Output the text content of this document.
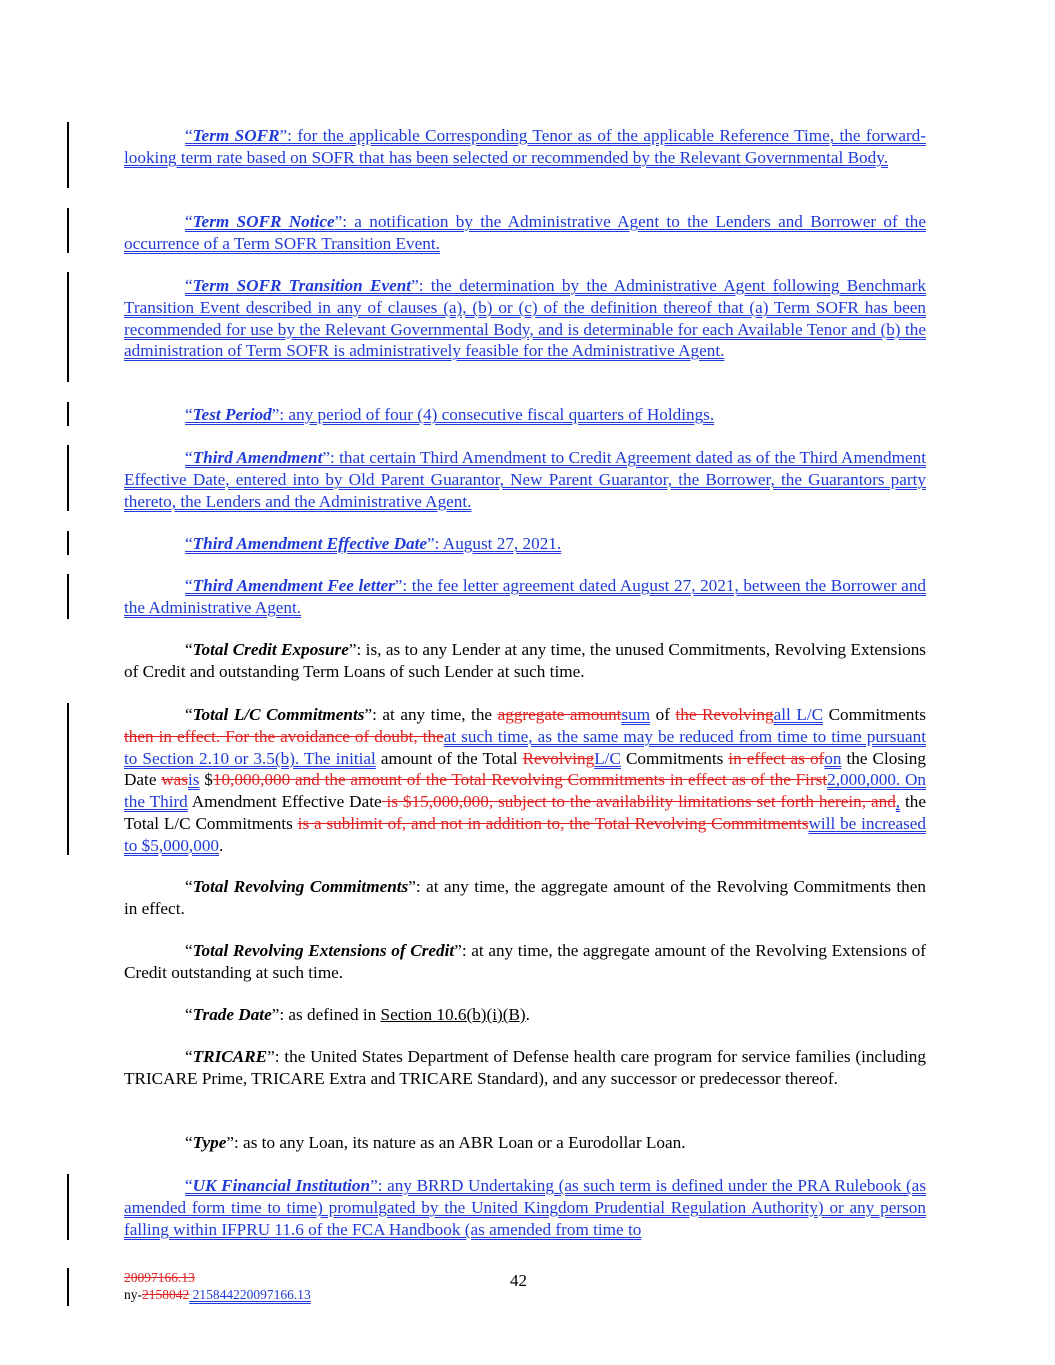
“Term SOFR”: for the applicable Corresponding Tenor as of the applicable Reference Time, the forward-looking term rate based on SOFR that has been selected or recommended by the Relevant Governmental Body.

“Term SOFR Notice”: a notification by the Administrative Agent to the Lenders and Borrower of the occurrence of a Term SOFR Transition Event.

“Term SOFR Transition Event”: the determination by the Administrative Agent following Benchmark Transition Event described in any of clauses (a), (b) or (c) of the definition thereof that (a) Term SOFR has been recommended for use by the Relevant Governmental Body, and is determinable for each Available Tenor and (b) the administration of Term SOFR is administratively feasible for the Administrative Agent.

“Test Period”: any period of four (4) consecutive fiscal quarters of Holdings.

“Third Amendment”: that certain Third Amendment to Credit Agreement dated as of the Third Amendment Effective Date, entered into by Old Parent Guarantor, New Parent Guarantor, the Borrower, the Guarantors party thereto, the Lenders and the Administrative Agent.

“Third Amendment Effective Date”: August 27, 2021.

“Third Amendment Fee letter”: the fee letter agreement dated August 27, 2021, between the Borrower and the Administrative Agent.

“Total Credit Exposure”: is, as to any Lender at any time, the unused Commitments, Revolving Extensions of Credit and outstanding Term Loans of such Lender at such time.

“Total L/C Commitments”: at any time, the aggregate amountsum of the Revolvingall L/C Commitments then in effect. For the avoidance of doubt, theat such time, as the same may be reduced from time to time pursuant to Section 2.10 or 3.5(b). The initial amount of the Total RevolvingL/C Commitments in effect as ofon the Closing Date wasis $10,000,000 and the amount of the Total Revolving Commitments in effect as of the First2,000,000. On the Third Amendment Effective Date is $15,000,000, subject to the availability limitations set forth herein, and, the Total L/C Commitments is a sublimit of, and not in addition to, the Total Revolving Commitmentswill be increased to $5,000,000.

“Total Revolving Commitments”: at any time, the aggregate amount of the Revolving Commitments then in effect.

“Total Revolving Extensions of Credit”: at any time, the aggregate amount of the Revolving Extensions of Credit outstanding at such time.

“Trade Date”: as defined in Section 10.6(b)(i)(B).

“TRICARE”: the United States Department of Defense health care program for service families (including TRICARE Prime, TRICARE Extra and TRICARE Standard), and any successor or predecessor thereof.

“Type”: as to any Loan, its nature as an ABR Loan or a Eurodollar Loan.

“UK Financial Institution”: any BRRD Undertaking (as such term is defined under the PRA Rulebook (as amended form time to time) promulgated by the United Kingdom Prudential Regulation Authority) or any person falling within IFPRU 11.6 of the FCA Handbook (as amended from time to

42
20097166.13
ny-2158042 215844220097166.13
